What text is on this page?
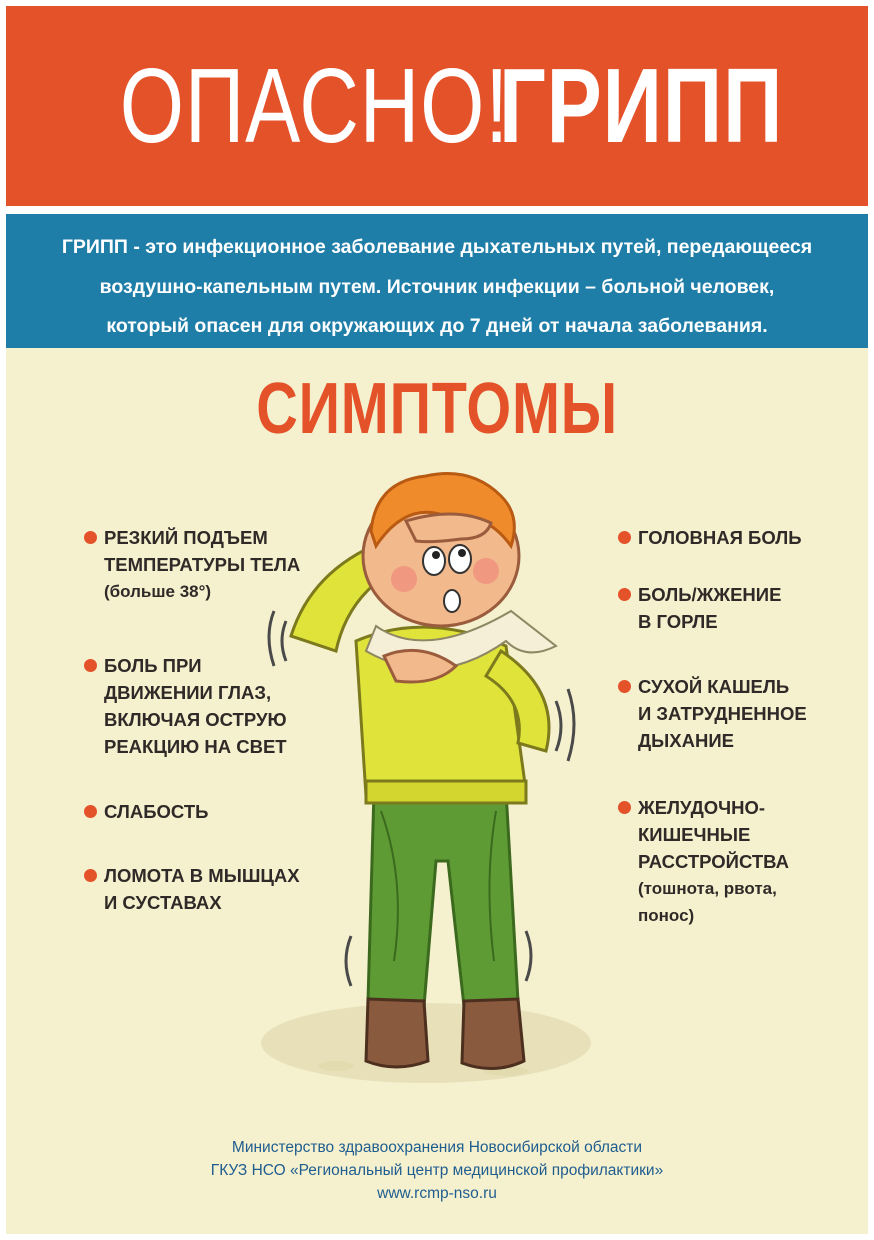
ОПАСНО!
ГРИПП
ГРИПП - это инфекционное заболевание дыхательных путей, передающееся
воздушно-капельным путем. Источник инфекции – больной человек,
который опасен для окружающих до 7 дней от начала заболевания.
СИМПТОМЫ
РЕЗКИЙ ПОДЪЕМ
ТЕМПЕРАТУРЫ ТЕЛА
(больше 38°)
БОЛЬ ПРИ
ДВИЖЕНИИ ГЛАЗ,
ВКЛЮЧАЯ ОСТРУЮ
РЕАКЦИЮ НА СВЕТ
СЛАБОСТЬ
ЛОМОТА В МЫШЦАХ
И СУСТАВАХ
ГОЛОВНАЯ БОЛЬ
БОЛЬ/ЖЖЕНИЕ
В ГОРЛЕ
СУХОЙ КАШЕЛЬ
И ЗАТРУДНЕННОЕ
ДЫХАНИЕ
ЖЕЛУДОЧНО-
КИШЕЧНЫЕ
РАССТРОЙСТВА
(тошнота, рвота,
понос)
Министерство здравоохранения Новосибирской области
ГКУЗ НСО «Региональный центр медицинской профилактики»
www.rcmp-nso.ru
